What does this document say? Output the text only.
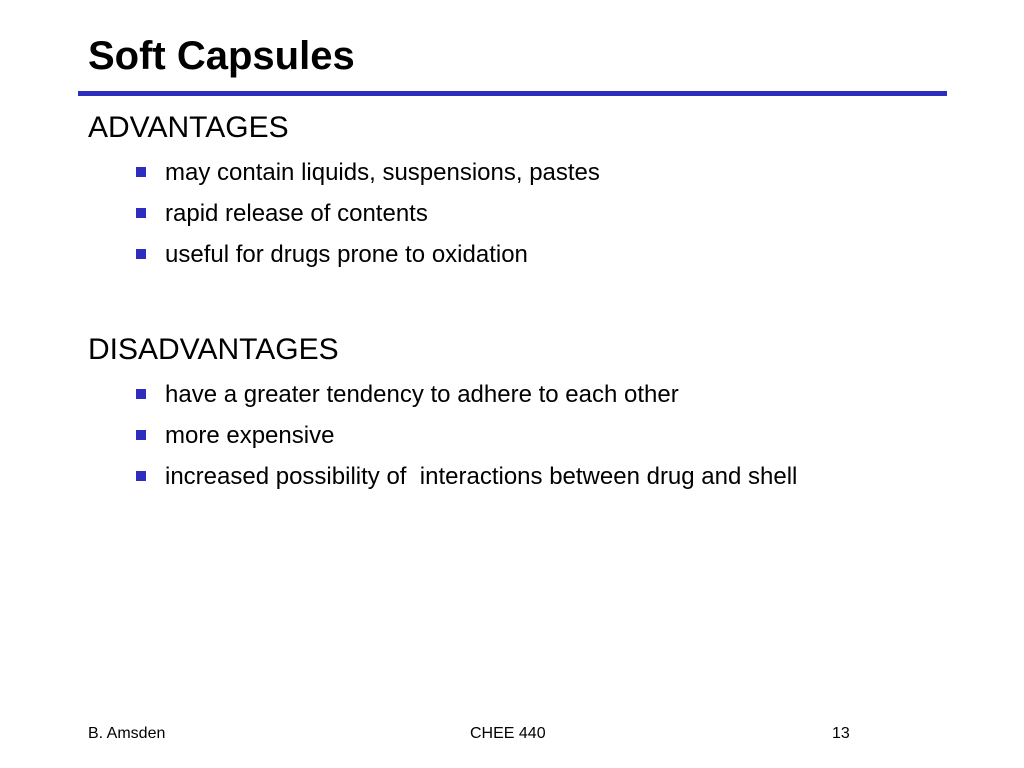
Soft Capsules
ADVANTAGES
may contain liquids, suspensions, pastes
rapid release of contents
useful for drugs prone to oxidation
DISADVANTAGES
have a greater tendency to adhere to each other
more expensive
increased possibility of  interactions between drug and shell
B. Amsden	CHEE 440	13
